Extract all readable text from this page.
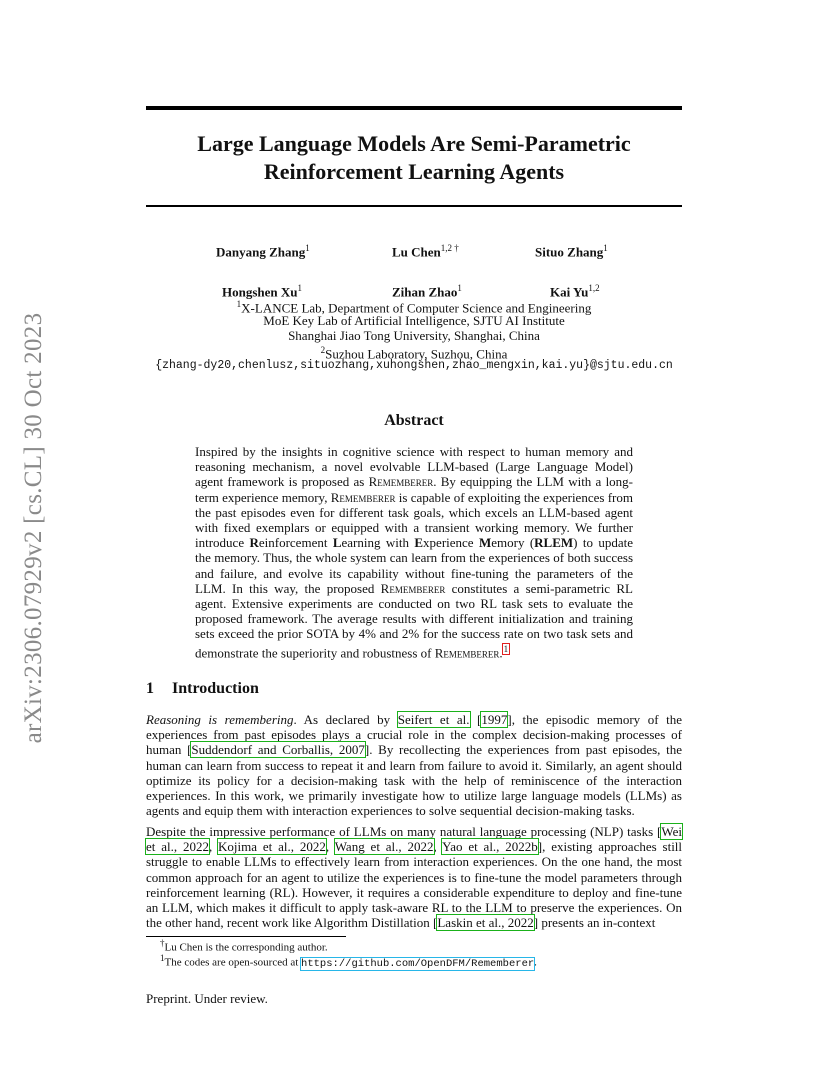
arXiv:2306.07929v2 [cs.CL] 30 Oct 2023
Large Language Models Are Semi-Parametric
Reinforcement Learning Agents
Danyang Zhang$^1$	Lu Chen$^{1,2 \dagger}$	Situo Zhang$^1$
Hongshen Xu$^1$	Zihan Zhao$^1$	Kai Yu$^{1,2}$
$^1$X-LANCE Lab, Department of Computer Science and Engineering
MoE Key Lab of Artificial Intelligence, SJTU AI Institute
Shanghai Jiao Tong University, Shanghai, China
$^2$Suzhou Laboratory, Suzhou, China
{zhang-dy20,chenlusz,situozhang,xuhongshen,zhao_mengxin,kai.yu}@sjtu.edu.cn
Abstract
Inspired by the insights in cognitive science with respect to human memory and reasoning mechanism, a novel evolvable LLM-based (Large Language Model) agent framework is proposed as Rememberer. By equipping the LLM with a long-term experience memory, Rememberer is capable of exploiting the experiences from the past episodes even for different task goals, which excels an LLM-based agent with fixed exemplars or equipped with a transient working memory. We further introduce Reinforcement Learning with Experience Memory (RLEM) to update the memory. Thus, the whole system can learn from the experiences of both success and failure, and evolve its capability without fine-tuning the parameters of the LLM. In this way, the proposed Rememberer constitutes a semi-parametric RL agent. Extensive experiments are conducted on two RL task sets to evaluate the proposed framework. The average results with different initialization and training sets exceed the prior SOTA by 4% and 2% for the success rate on two task sets and demonstrate the superiority and robustness of Rememberer.$^1$
1 Introduction
Reasoning is remembering. As declared by Seifert et al. [1997], the episodic memory of the experiences from past episodes plays a crucial role in the complex decision-making processes of human [Suddendorf and Corballis, 2007]. By recollecting the experiences from past episodes, the human can learn from success to repeat it and learn from failure to avoid it. Similarly, an agent should optimize its policy for a decision-making task with the help of reminiscence of the interaction experiences. In this work, we primarily investigate how to utilize large language models (LLMs) as agents and equip them with interaction experiences to solve sequential decision-making tasks.
Despite the impressive performance of LLMs on many natural language processing (NLP) tasks [Wei et al., 2022, Kojima et al., 2022, Wang et al., 2022, Yao et al., 2022b], existing approaches still struggle to enable LLMs to effectively learn from interaction experiences. On the one hand, the most common approach for an agent to utilize the experiences is to fine-tune the model parameters through reinforcement learning (RL). However, it requires a considerable expenditure to deploy and fine-tune an LLM, which makes it difficult to apply task-aware RL to the LLM to preserve the experiences. On the other hand, recent work like Algorithm Distillation [Laskin et al., 2022] presents an in-context
†Lu Chen is the corresponding author.
$^1$The codes are open-sourced at https://github.com/OpenDFM/Rememberer.
Preprint. Under review.
